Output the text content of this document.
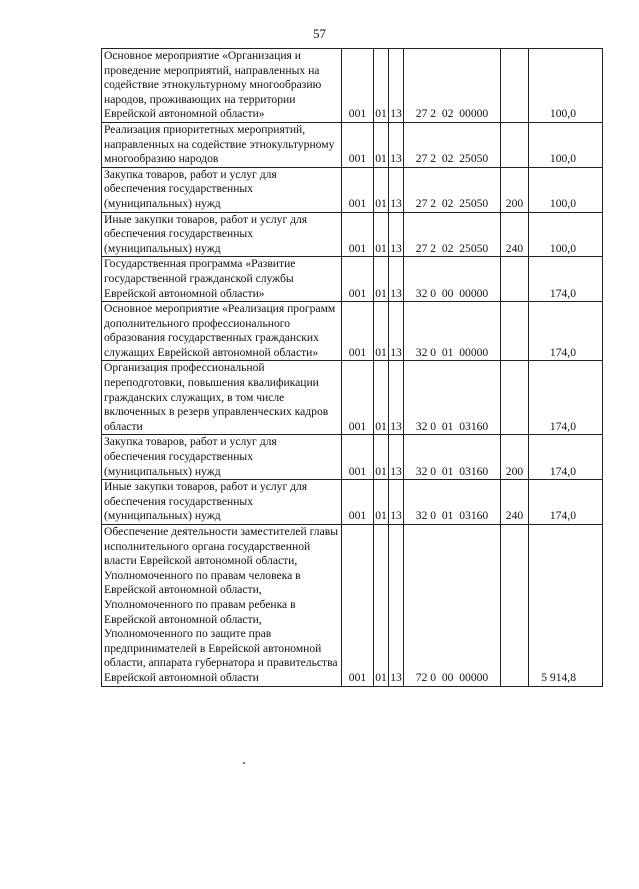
57
Основное мероприятие «Организация и проведение мероприятий, направленных на содействие этнокультурному многообразию народов, проживающих на территории Еврейской автономной области»	001	01	13	27 2  02  00000		100,0
Реализация приоритетных мероприятий, направленных на содействие этнокультурному многообразию народов	001	01	13	27 2  02  25050		100,0
Закупка товаров, работ и услуг для обеспечения государственных (муниципальных) нужд	001	01	13	27 2  02  25050	200	100,0
Иные закупки товаров, работ и услуг для обеспечения государственных (муниципальных) нужд	001	01	13	27 2  02  25050	240	100,0
Государственная программа «Развитие государственной гражданской службы Еврейской автономной области»	001	01	13	32 0  00  00000		174,0
Основное мероприятие «Реализация программ дополнительного профессионального образования государственных гражданских служащих Еврейской автономной области»	001	01	13	32 0  01  00000		174,0
Организация профессиональной переподготовки, повышения квалификации гражданских служащих, в том числе включенных в резерв управленческих кадров области	001	01	13	32 0  01  03160		174,0
Закупка товаров, работ и услуг для обеспечения государственных (муниципальных) нужд	001	01	13	32 0  01  03160	200	174,0
Иные закупки товаров, работ и услуг для обеспечения государственных (муниципальных) нужд	001	01	13	32 0  01  03160	240	174,0
Обеспечение деятельности заместителей главы исполнительного органа государственной власти Еврейской автономной области, Уполномоченного по правам человека в Еврейской автономной области, Уполномоченного по правам ребенка в Еврейской автономной области, Уполномоченного по защите прав предпринимателей в Еврейской автономной области, аппарата губернатора и правительства Еврейской автономной области	001	01	13	72 0  00  00000		5 914,8
